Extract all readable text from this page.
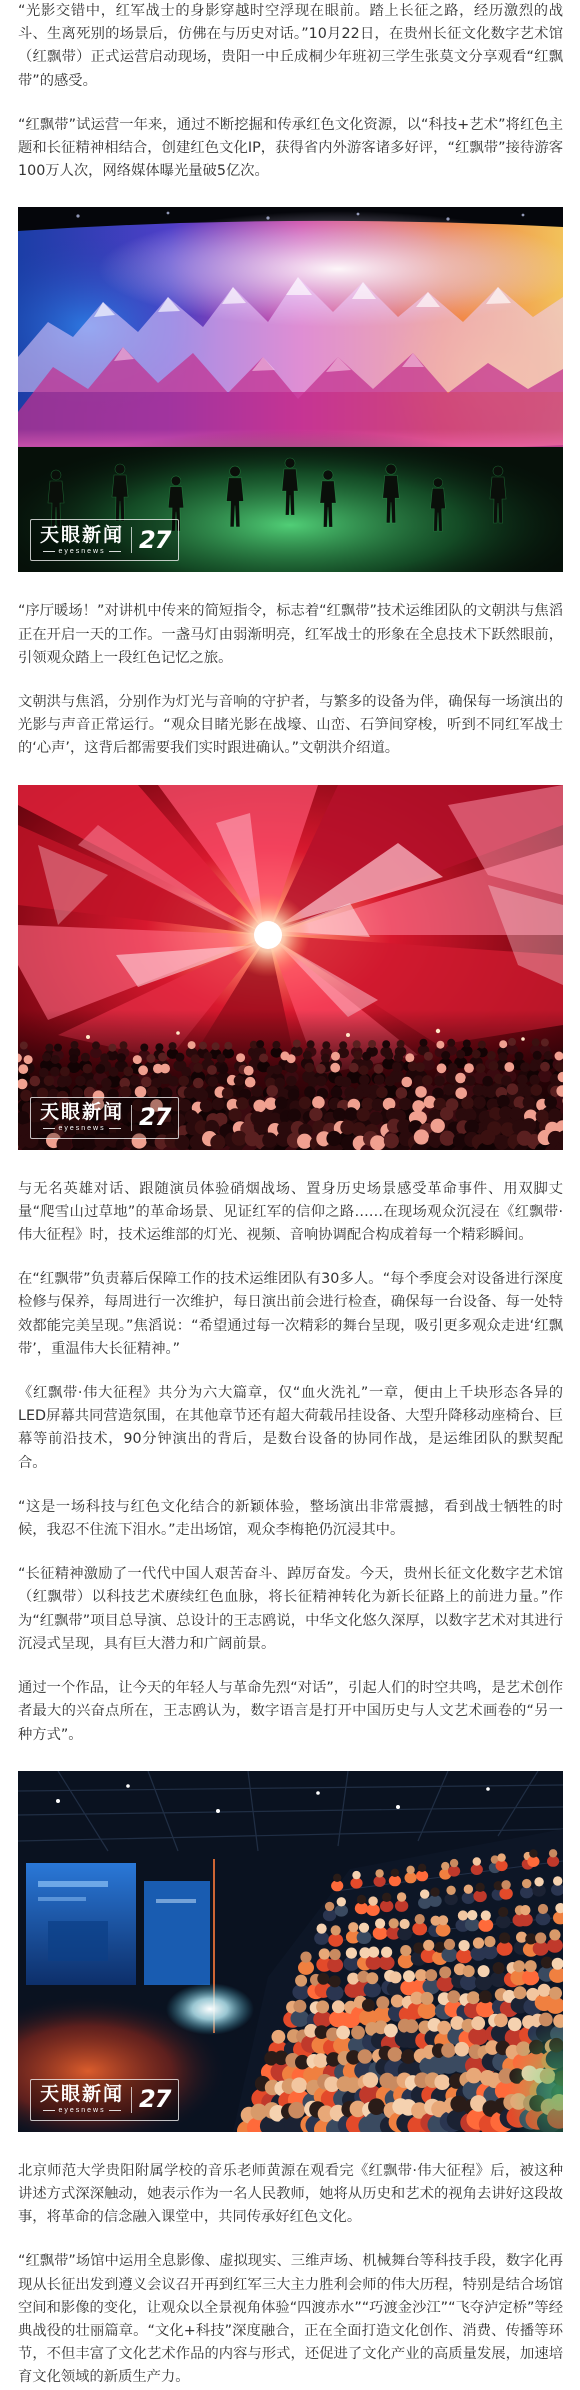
“光影交错中，红军战士的身影穿越时空浮现在眼前。踏上长征之路，经历激烈的战斗、生离死别的场景后，仿佛在与历史对话。”10月22日，在贵州长征文化数字艺术馆（红飘带）正式运营启动现场，贵阳一中丘成桐少年班初三学生张莫文分享观看“红飘带”的感受。

“红飘带”试运营一年来，通过不断挖掘和传承红色文化资源，以“科技+艺术”将红色主题和长征精神相结合，创建红色文化IP，获得省内外游客诸多好评，“红飘带”接待游客100万人次，网络媒体曝光量破5亿次。

天眼新闻
eyesnews	27

“序厅暖场！”对讲机中传来的简短指令，标志着“红飘带”技术运维团队的文朝洪与焦滔正在开启一天的工作。一盏马灯由弱渐明亮，红军战士的形象在全息技术下跃然眼前，引领观众踏上一段红色记忆之旅。

文朝洪与焦滔，分别作为灯光与音响的守护者，与繁多的设备为伴，确保每一场演出的光影与声音正常运行。“观众目睹光影在战壕、山峦、石笋间穿梭，听到不同红军战士的‘心声’，这背后都需要我们实时跟进确认。”文朝洪介绍道。

天眼新闻
eyesnews	27

与无名英雄对话、跟随演员体验硝烟战场、置身历史场景感受革命事件、用双脚丈量“爬雪山过草地”的革命场景、见证红军的信仰之路……在现场观众沉浸在《红飘带·伟大征程》时，技术运维部的灯光、视频、音响协调配合构成着每一个精彩瞬间。

在“红飘带”负责幕后保障工作的技术运维团队有30多人。“每个季度会对设备进行深度检修与保养，每周进行一次维护，每日演出前会进行检查，确保每一台设备、每一处特效都能完美呈现。”焦滔说：“希望通过每一次精彩的舞台呈现，吸引更多观众走进‘红飘带’，重温伟大长征精神。”

《红飘带·伟大征程》共分为六大篇章，仅“血火洗礼”一章，便由上千块形态各异的LED屏幕共同营造氛围，在其他章节还有超大荷载吊挂设备、大型升降移动座椅台、巨幕等前沿技术，90分钟演出的背后，是数台设备的协同作战，是运维团队的默契配合。

“这是一场科技与红色文化结合的新颖体验，整场演出非常震撼，看到战士牺牲的时候，我忍不住流下泪水。”走出场馆，观众李梅艳仍沉浸其中。

“长征精神激励了一代代中国人艰苦奋斗、踔厉奋发。今天，贵州长征文化数字艺术馆（红飘带）以科技艺术赓续红色血脉，将长征精神转化为新长征路上的前进力量。”作为“红飘带”项目总导演、总设计的王志鸥说，中华文化悠久深厚，以数字艺术对其进行沉浸式呈现，具有巨大潜力和广阔前景。

通过一个作品，让今天的年轻人与革命先烈“对话”，引起人们的时空共鸣，是艺术创作者最大的兴奋点所在，王志鸥认为，数字语言是打开中国历史与人文艺术画卷的“另一种方式”。

天眼新闻
eyesnews	27

北京师范大学贵阳附属学校的音乐老师黄源在观看完《红飘带·伟大征程》后，被这种讲述方式深深触动，她表示作为一名人民教师，她将从历史和艺术的视角去讲好这段故事，将革命的信念融入课堂中，共同传承好红色文化。

“红飘带”场馆中运用全息影像、虚拟现实、三维声场、机械舞台等科技手段，数字化再现从长征出发到遵义会议召开再到红军三大主力胜利会师的伟大历程，特别是结合场馆空间和影像的变化，让观众以全景视角体验“四渡赤水”“巧渡金沙江”“飞夺泸定桥”等经典战役的壮丽篇章。“文化+科技”深度融合，正在全面打造文化创作、消费、传播等环节，不但丰富了文化艺术作品的内容与形式，还促进了文化产业的高质量发展，加速培育文化领域的新质生产力。
